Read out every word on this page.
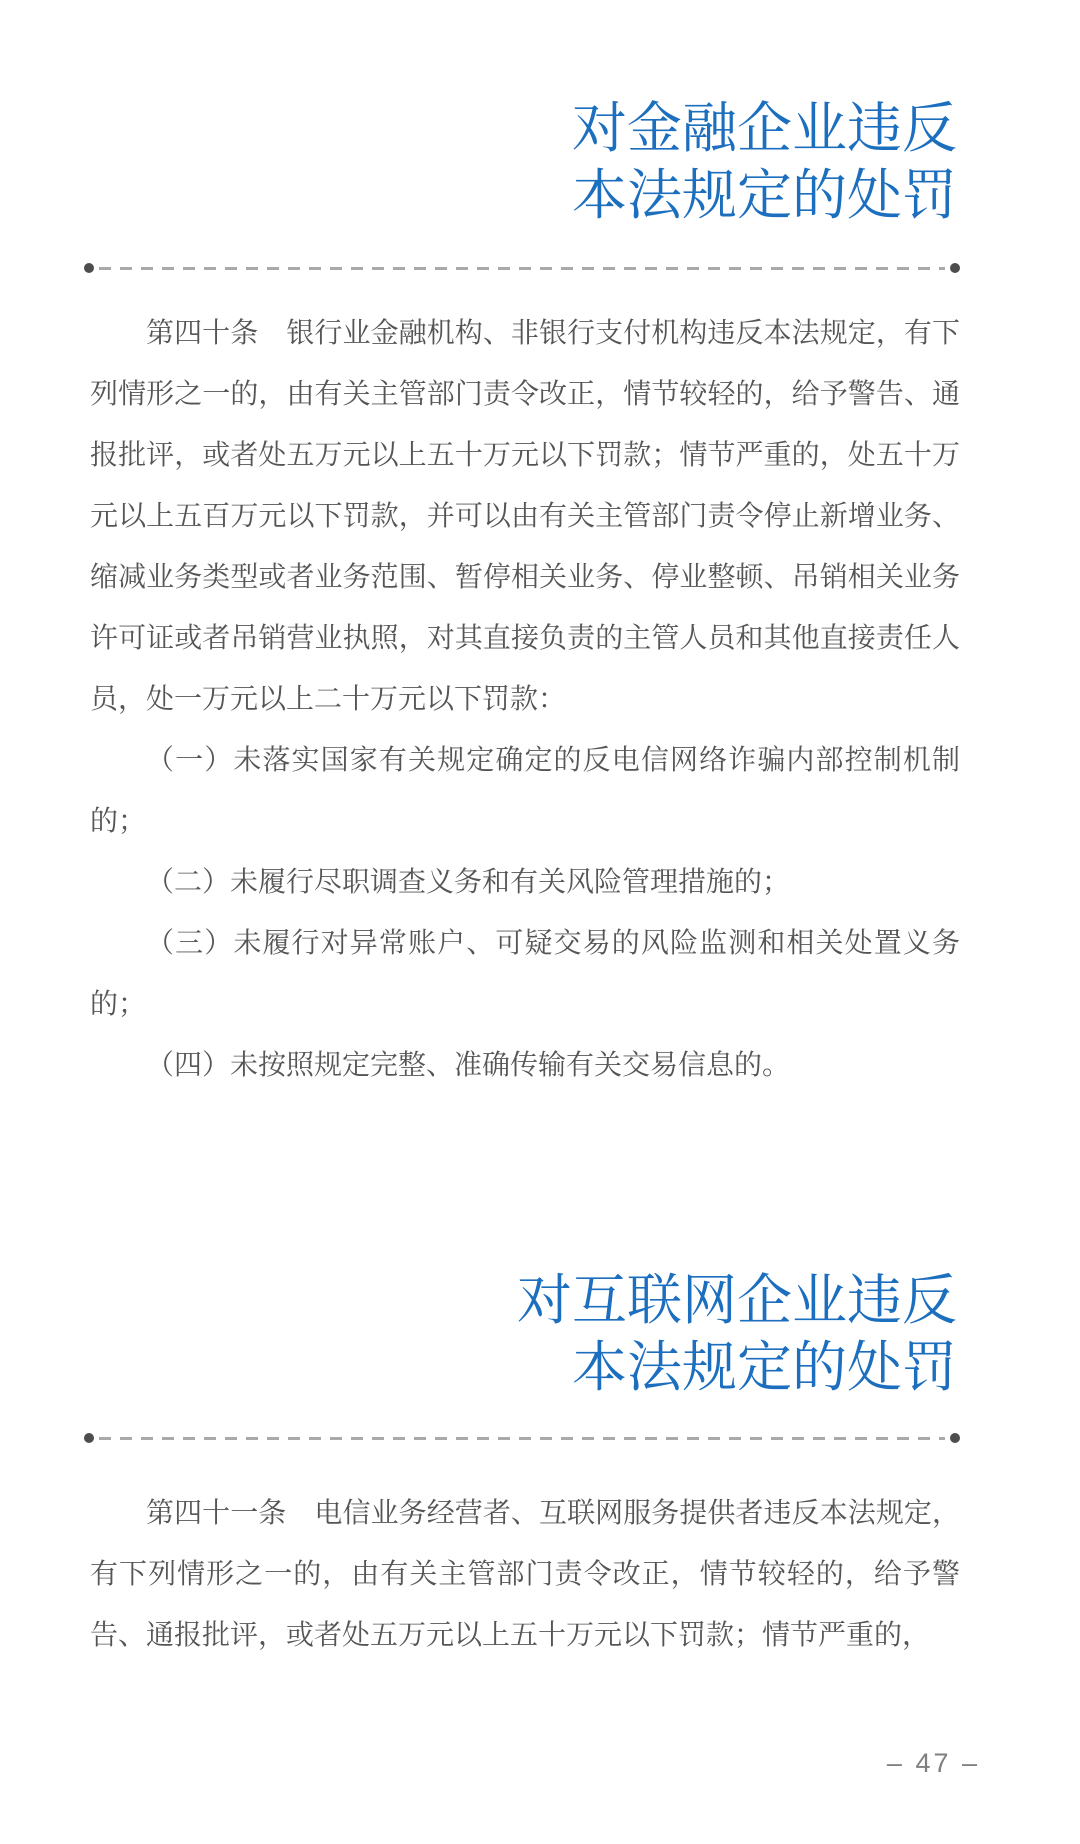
对金融企业违反
本法规定的处罚

第四十条　银行业金融机构、非银行支付机构违反本法规定，有下列情形之一的，由有关主管部门责令改正，情节较轻的，给予警告、通报批评，或者处五万元以上五十万元以下罚款；情节严重的，处五十万元以上五百万元以下罚款，并可以由有关主管部门责令停止新增业务、缩减业务类型或者业务范围、暂停相关业务、停业整顿、吊销相关业务许可证或者吊销营业执照，对其直接负责的主管人员和其他直接责任人员，处一万元以上二十万元以下罚款：

（一）未落实国家有关规定确定的反电信网络诈骗内部控制机制的；

（二）未履行尽职调查义务和有关风险管理措施的；

（三）未履行对异常账户、可疑交易的风险监测和相关处置义务的；

（四）未按照规定完整、准确传输有关交易信息的。

对互联网企业违反
本法规定的处罚

第四十一条　电信业务经营者、互联网服务提供者违反本法规定，有下列情形之一的，由有关主管部门责令改正，情节较轻的，给予警告、通报批评，或者处五万元以上五十万元以下罚款；情节严重的，

– 47 –
